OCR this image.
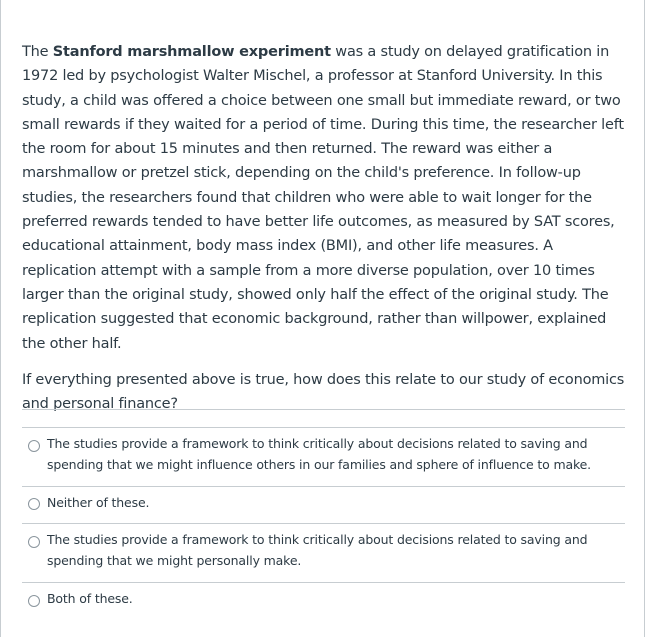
The Stanford marshmallow experiment was a study on delayed gratification in 1972 led by psychologist Walter Mischel, a professor at Stanford University. In this study, a child was offered a choice between one small but immediate reward, or two small rewards if they waited for a period of time. During this time, the researcher left the room for about 15 minutes and then returned. The reward was either a marshmallow or pretzel stick, depending on the child's preference. In follow-up studies, the researchers found that children who were able to wait longer for the preferred rewards tended to have better life outcomes, as measured by SAT scores, educational attainment, body mass index (BMI), and other life measures. A replication attempt with a sample from a more diverse population, over 10 times larger than the original study, showed only half the effect of the original study. The replication suggested that economic background, rather than willpower, explained the other half.

If everything presented above is true, how does this relate to our study of economics and personal finance?

The studies provide a framework to think critically about decisions related to saving and spending that we might influence others in our families and sphere of influence to make.
Neither of these.
The studies provide a framework to think critically about decisions related to saving and spending that we might personally make.
Both of these.
